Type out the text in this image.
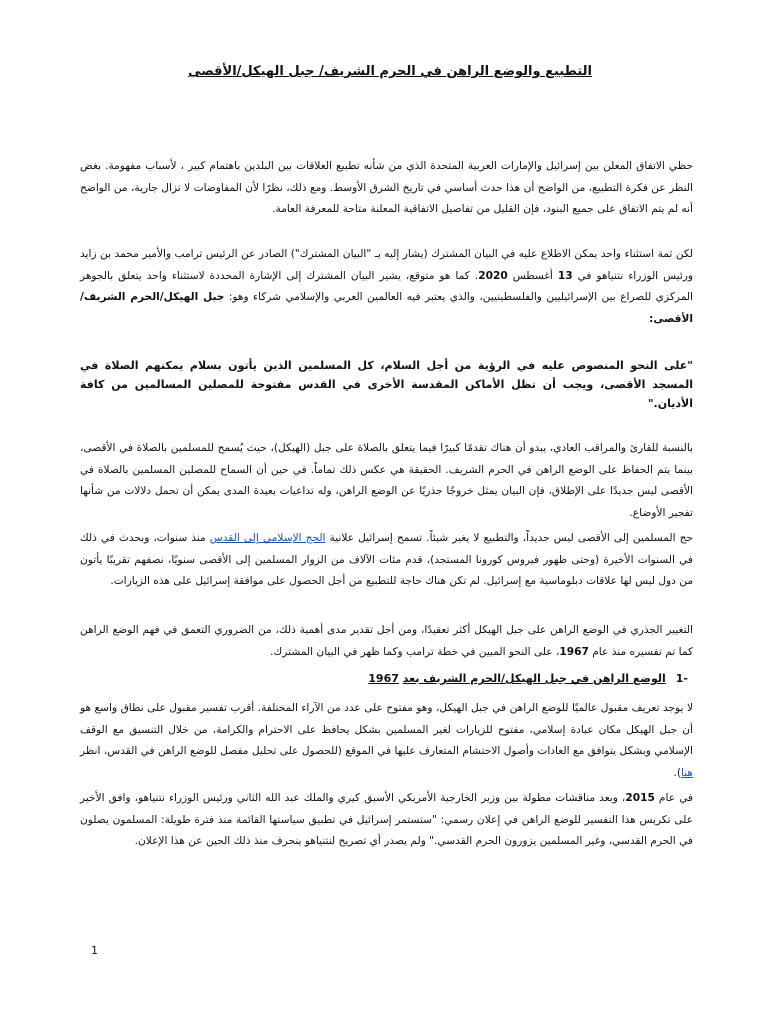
التطبيع والوضع الراهن في الحرم الشريف/ جبل الهيكل/الأقصى

حظي الاتفاق المعلن بين إسرائيل والإمارات العربية المتحدة الذي من شأنه تطبيع العلاقات بين البلدين باهتمام كبير ، لأسباب مفهومة. بغض النظر عن فكرة التطبيع، من الواضح أن هذا حدث أساسي في تاريخ الشرق الأوسط. ومع ذلك، نظرًا لأن المفاوضات لا تزال جارية، من الواضح أنه لم يتم الاتفاق على جميع البنود، فإن القليل من تفاصيل الاتفاقية المعلنة متاحة للمعرفة العامة.

لكن ثمة استثناء واحد يمكن الاطلاع عليه في البيان المشترك (يشار إليه بـ "البيان المشترك") الصادر عن الرئيس ترامب والأمير محمد بن زايد ورئيس الوزراء نتنياهو في 13 أغسطس 2020. كما هو متوقع، يشير البيان المشترك إلى الإشارة المحددة لاستثناء واحد يتعلق بالجوهر المركزي للصراع بين الإسرائيليين والفلسطينيين، والذي يعتبر فيه العالمين العربي والإسلامي شركاء وهو: جبل الهيكل/الحرم الشريف/الأقصى:

"على النحو المنصوص عليه في الرؤية من أجل السلام، كل المسلمين الذين يأتون بسلام يمكنهم الصلاة في المسجد الأقصى، ويجب أن تظل الأماكن المقدسة الأخرى في القدس مفتوحة للمصلين المسالمين من كافة الأديان."

بالنسبة للقارئ والمراقب العادي، يبدو أن هناك تقدمًا كبيرًا فيما يتعلق بالصلاة على جبل (الهيكل)، حيث يُسمح للمسلمين بالصلاة في الأقصى، بينما يتم الحفاظ على الوضع الراهن في الحرم الشريف. الحقيقة هي عكس ذلك تماماً. في حين أن السماح للمصلين المسلمين بالصلاة في الأقصى ليس جديدًا على الإطلاق، فإن البيان يمثل خروجًا جذريًا عن الوضع الراهن، وله تداعيات بعيدة المدى يمكن أن تحمل دلالات من شأنها تفجير الأوضاع.

حج المسلمين إلى الأقصى ليس جديداً، والتطبيع لا يغير شيئاً. تسمح إسرائيل علانية الحج الإسلامي إلى القدس منذ سنوات، وبحدث في ذلك في السنوات الأخيرة (وحتى ظهور فيروس كورونا المستجد)، قدم مئات الآلاف من الزوار المسلمين إلى الأقصى سنويًا، نصفهم تقريبًا يأتون من دول ليس لها علاقات دبلوماسية مع إسرائيل. لم تكن هناك حاجة للتطبيع من أجل الحصول على موافقة إسرائيل على هذه الزيارات.

التغيير الجذري في الوضع الراهن على جبل الهيكل أكثر تعقيدًا، ومن أجل تقدير مدى أهمية ذلك، من الضروري التعمق في فهم الوضع الراهن كما تم تفسيره منذ عام 1967، على النحو المبين في خطة ترامب وكما ظهر في البيان المشترك.

-1الوضع الراهن في جبل الهيكل/الحرم الشريف بعد 1967

لا يوجد تعريف مقبول عالميًا للوضع الراهن في جبل الهيكل، وهو مفتوح على عدد من الآراء المختلفة. أقرب تفسير مقبول على نطاق واسع هو أن جبل الهيكل مكان عبادة إسلامي، مفتوح للزيارات لغير المسلمين بشكل يحافظ على الاحترام والكرامة، من خلال التنسيق مع الوقف الإسلامي وبشكل يتوافق مع العادات وأصول الاحتشام المتعارف عليها في الموقع (للحصول على تحليل مفصل للوضع الراهن في القدس، انظر هنا).

في عام 2015، وبعد مناقشات مطولة بين وزير الخارجية الأمريكي الأسبق كيري والملك عبد الله الثاني ورئيس الوزراء نتنياهو، وافق الأخير على تكريس هذا التفسير للوضع الراهن في إعلان رسمي: "ستستمر إسرائيل في تطبيق سياستها القائمة منذ فترة طويلة: المسلمون يصلون في الحرم القدسي، وغير المسلمين يزورون الحرم القدسي." ولم يصدر أي تصريح لنتنياهو ينحرف منذ ذلك الحين عن هذا الإعلان.

1
